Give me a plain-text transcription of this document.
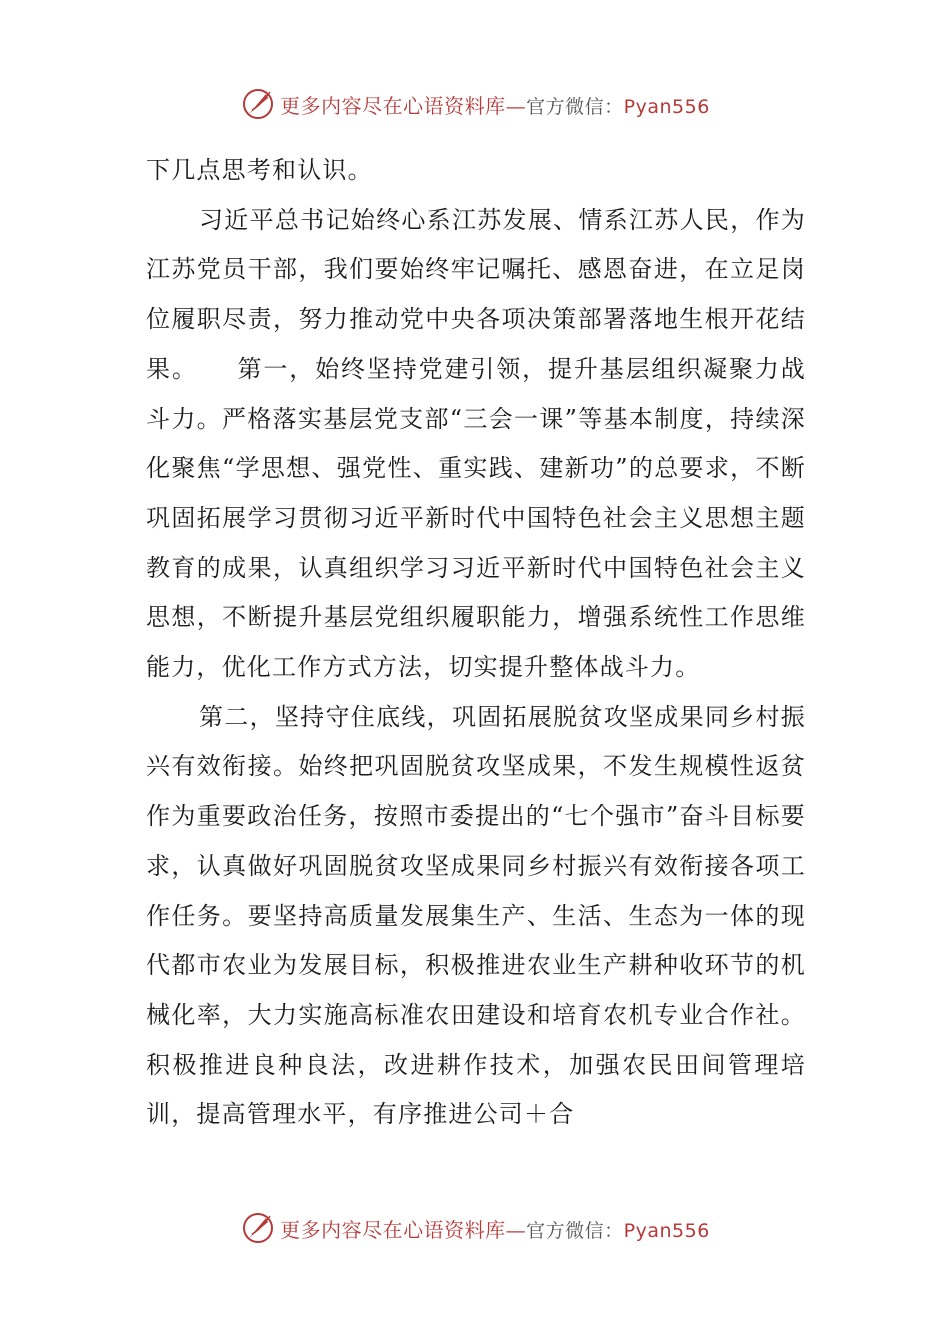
更多内容尽在心语资料库—官方微信：Pyan556

下几点思考和认识。

习近平总书记始终心系江苏发展、情系江苏人民，作为江苏党员干部，我们要始终牢记嘱托、感恩奋进，在立足岗位履职尽责，努力推动党中央各项决策部署落地生根开花结果。　　第一，始终坚持党建引领，提升基层组织凝聚力战斗力。严格落实基层党支部“三会一课”等基本制度，持续深化聚焦“学思想、强党性、重实践、建新功”的总要求，不断巩固拓展学习贯彻习近平新时代中国特色社会主义思想主题教育的成果，认真组织学习习近平新时代中国特色社会主义思想，不断提升基层党组织履职能力，增强系统性工作思维能力，优化工作方式方法，切实提升整体战斗力。

第二，坚持守住底线，巩固拓展脱贫攻坚成果同乡村振兴有效衔接。始终把巩固脱贫攻坚成果，不发生规模性返贫作为重要政治任务，按照市委提出的“七个强市”奋斗目标要求，认真做好巩固脱贫攻坚成果同乡村振兴有效衔接各项工作任务。要坚持高质量发展集生产、生活、生态为一体的现代都市农业为发展目标，积极推进农业生产耕种收环节的机械化率，大力实施高标准农田建设和培育农机专业合作社。积极推进良种良法，改进耕作技术，加强农民田间管理培训，提高管理水平，有序推进公司＋合

更多内容尽在心语资料库—官方微信：Pyan556
